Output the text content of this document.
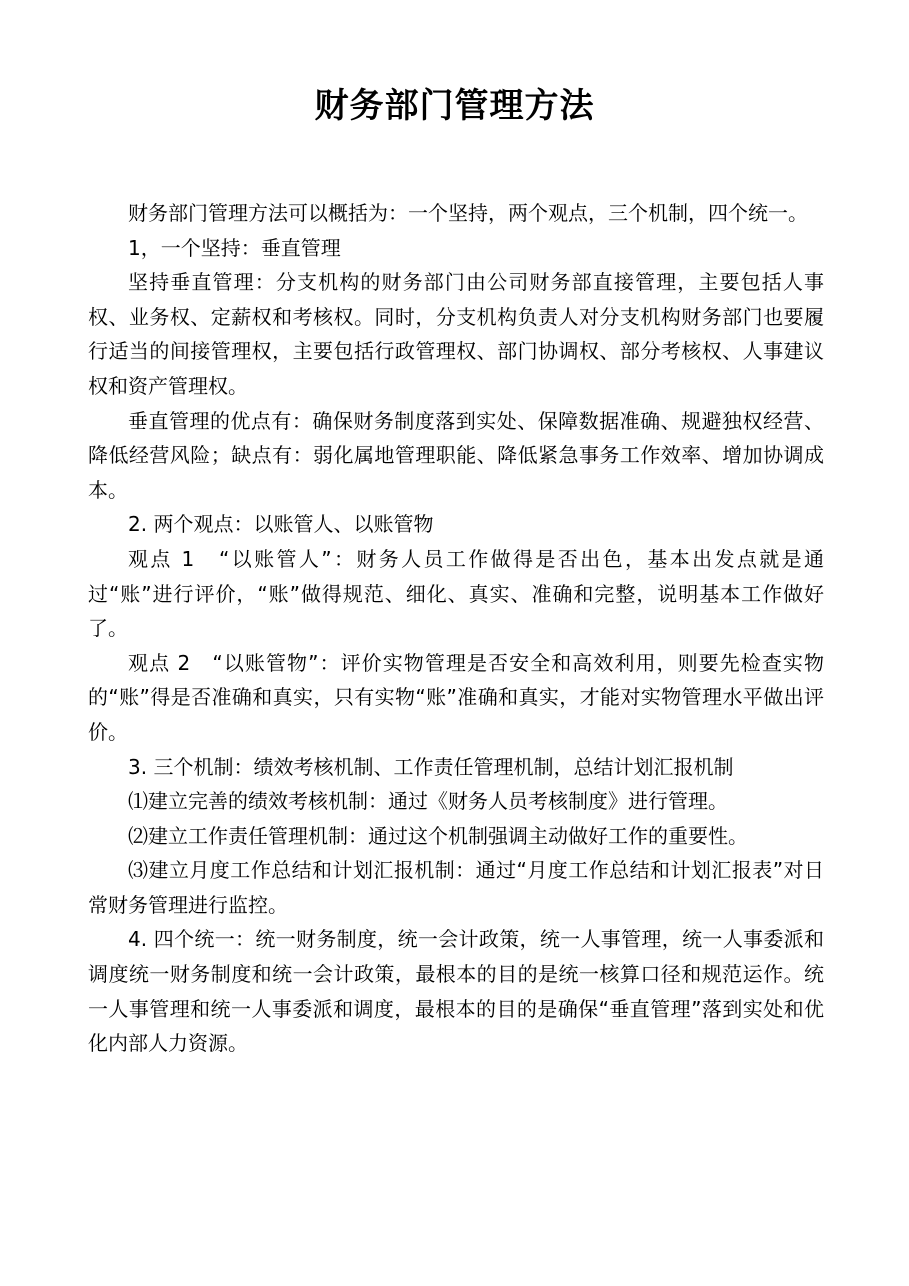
财务部门管理方法

财务部门管理方法可以概括为：一个坚持，两个观点，三个机制，四个统一。

1，一个坚持：垂直管理

坚持垂直管理：分支机构的财务部门由公司财务部直接管理，主要包括人事权、业务权、定薪权和考核权。同时，分支机构负责人对分支机构财务部门也要履行适当的间接管理权，主要包括行政管理权、部门协调权、部分考核权、人事建议权和资产管理权。

垂直管理的优点有：确保财务制度落到实处、保障数据准确、规避独权经营、降低经营风险；缺点有：弱化属地管理职能、降低紧急事务工作效率、增加协调成本。

2. 两个观点：以账管人、以账管物

观点 1　“以账管人”：财务人员工作做得是否出色，基本出发点就是通过“账”进行评价，“账”做得规范、细化、真实、准确和完整，说明基本工作做好了。

观点 2　“以账管物”：评价实物管理是否安全和高效利用，则要先检查实物的“账”得是否准确和真实，只有实物“账”准确和真实，才能对实物管理水平做出评价。

3. 三个机制：绩效考核机制、工作责任管理机制，总结计划汇报机制

⑴建立完善的绩效考核机制：通过《财务人员考核制度》进行管理。

⑵建立工作责任管理机制：通过这个机制强调主动做好工作的重要性。

⑶建立月度工作总结和计划汇报机制：通过“月度工作总结和计划汇报表”对日常财务管理进行监控。

4. 四个统一：统一财务制度，统一会计政策，统一人事管理，统一人事委派和调度统一财务制度和统一会计政策，最根本的目的是统一核算口径和规范运作。统一人事管理和统一人事委派和调度，最根本的目的是确保“垂直管理”落到实处和优化内部人力资源。
